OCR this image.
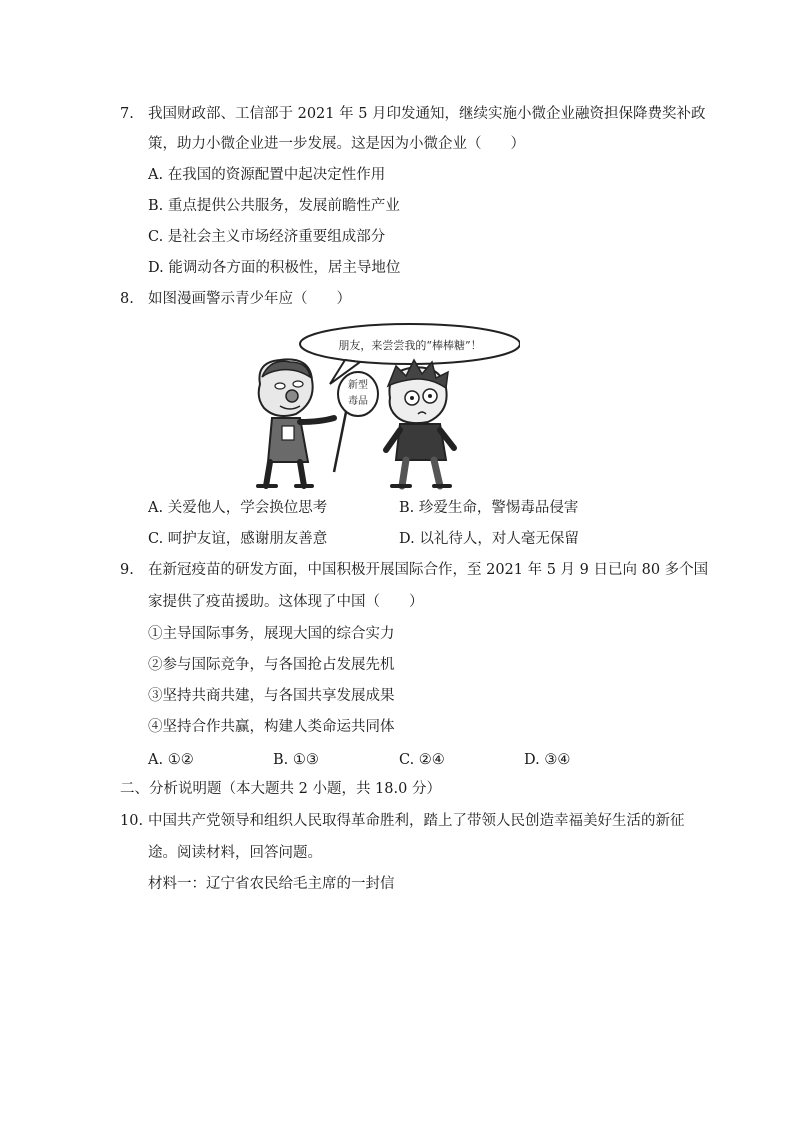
7. 我国财政部、工信部于 2021 年 5 月印发通知，继续实施小微企业融资担保降费奖补政
策，助力小微企业进一步发展。这是因为小微企业（　　）
A. 在我国的资源配置中起决定性作用
B. 重点提供公共服务，发展前瞻性产业
C. 是社会主义市场经济重要组成部分
D. 能调动各方面的积极性，居主导地位
8. 如图漫画警示青少年应（　　）
朋友，来尝尝我的“棒棒糖”！
新型
毒品
A. 关爱他人，学会换位思考	B. 珍爱生命，警惕毒品侵害
C. 呵护友谊，感谢朋友善意	D. 以礼待人，对人毫无保留
9. 在新冠疫苗的研发方面，中国积极开展国际合作，至 2021 年 5 月 9 日已向 80 多个国
家提供了疫苗援助。这体现了中国（　　）
①主导国际事务，展现大国的综合实力
②参与国际竞争，与各国抢占发展先机
③坚持共商共建，与各国共享发展成果
④坚持合作共赢，构建人类命运共同体
A. ①②	B. ①③	C. ②④	D. ③④
二、分析说明题（本大题共 2 小题，共 18.0 分）
10. 中国共产党领导和组织人民取得革命胜利，踏上了带领人民创造幸福美好生活的新征
途。阅读材料，回答问题。
材料一：辽宁省农民给毛主席的一封信
